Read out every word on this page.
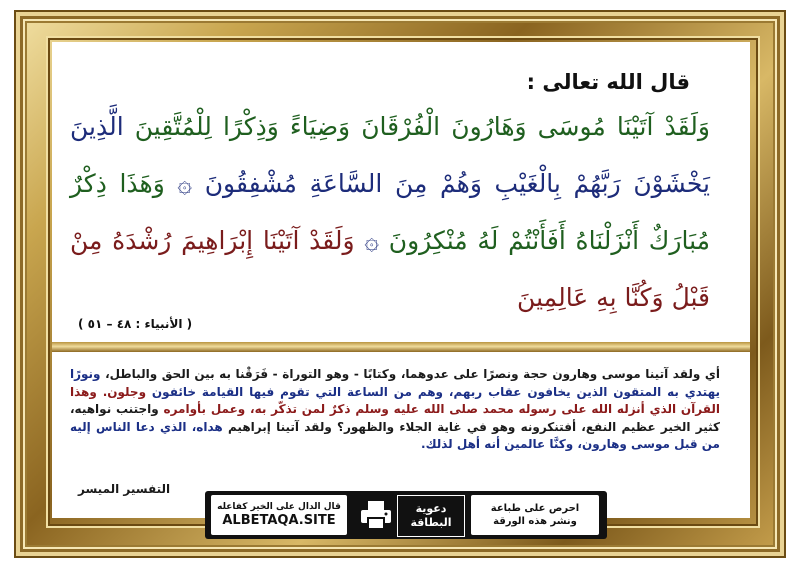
قال الله تعالى :
وَلَقَدْ آتَيْنَا مُوسَى وَهَارُونَ الْفُرْقَانَ وَضِيَاءً وَذِكْرًا لِلْمُتَّقِينَ الَّذِينَ يَخْشَوْنَ رَبَّهُمْ بِالْغَيْبِ وَهُمْ مِنَ السَّاعَةِ مُشْفِقُونَ ۞ وَهَذَا ذِكْرٌ مُبَارَكٌ أَنْزَلْنَاهُ أَفَأَنْتُمْ لَهُ مُنْكِرُونَ ۞ وَلَقَدْ آتَيْنَا إِبْرَاهِيمَ رُشْدَهُ مِنْ قَبْلُ وَكُنَّا بِهِ عَالِمِينَ
( الأنبياء : ٤٨ – ٥١ )
أي ولقد آتينا موسى وهارون حجة ونصرًا على عدوهما، وكتابًا - وهو التوراة - فَرَقْنا به بين الحق والباطل، ونورًا يهتدي به المتقون الذين يخافون عقاب ربهم، وهم من الساعة التي تقوم فيها القيامة خائفون وجلون. وهذا القرآن الذي أنزله الله على رسوله محمد صلى الله عليه وسلم ذكرٌ لمن تذكّر به، وعمل بأوامره واجتنب نواهيه، كثير الخير عظيم النفع، أفتنكرونه وهو في غاية الجلاء والظهور؟ ولقد آتينا إبراهيم هداه، الذي دعا الناس إليه من قبل موسى وهارون، وكنَّا عالمين أنه أهل لذلك.
التفسير الميسر
احرص على طباعة
ونشر هذه الورقة
دعوية
البطاقة
قال الدال على الخير كفاعله
ALBETAQA.SITE
